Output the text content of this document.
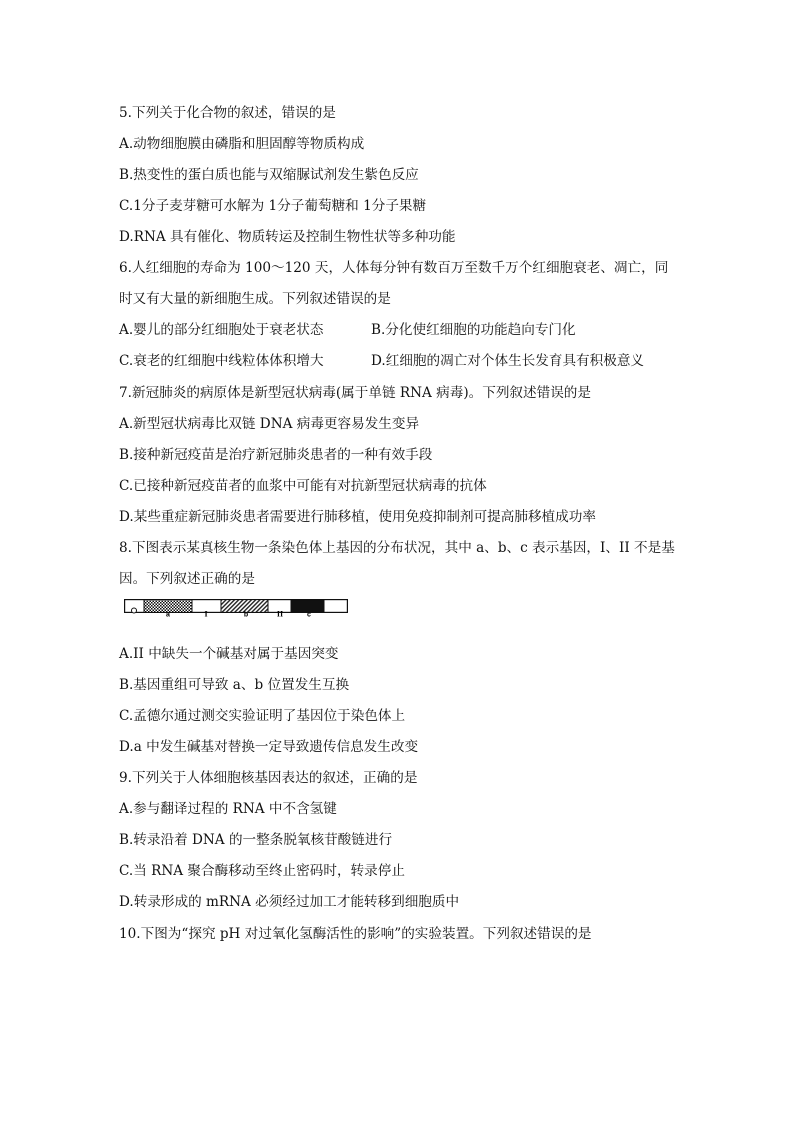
5.下列关于化合物的叙述，错误的是
A.动物细胞膜由磷脂和胆固醇等物质构成
B.热变性的蛋白质也能与双缩脲试剂发生紫色反应
C.1分子麦芽糖可水解为 1分子葡萄糖和 1分子果糖
D.RNA 具有催化、物质转运及控制生物性状等多种功能
6.人红细胞的寿命为 100～120 天，人体每分钟有数百万至数千万个红细胞衰老、凋亡，同
时又有大量的新细胞生成。下列叙述错误的是
A.婴儿的部分红细胞处于衰老状态	B.分化使红细胞的功能趋向专门化
C.衰老的红细胞中线粒体体积增大	D.红细胞的凋亡对个体生长发育具有积极意义
7.新冠肺炎的病原体是新型冠状病毒(属于单链 RNA 病毒)。下列叙述错误的是
A.新型冠状病毒比双链 DNA 病毒更容易发生变异
B.接种新冠疫苗是治疗新冠肺炎患者的一种有效手段
C.已接种新冠疫苗者的血浆中可能有对抗新型冠状病毒的抗体
D.某些重症新冠肺炎患者需要进行肺移植，使用免疫抑制剂可提高肺移植成功率
8.下图表示某真核生物一条染色体上基因的分布状况，其中 a、b、c 表示基因，I、II 不是基
因。下列叙述正确的是
a	I	b	II	c
A.II 中缺失一个碱基对属于基因突变
B.基因重组可导致 a、b 位置发生互换
C.孟德尔通过测交实验证明了基因位于染色体上
D.a 中发生碱基对替换一定导致遗传信息发生改变
9.下列关于人体细胞核基因表达的叙述，正确的是
A.参与翻译过程的 RNA 中不含氢键
B.转录沿着 DNA 的一整条脱氧核苷酸链进行
C.当 RNA 聚合酶移动至终止密码时，转录停止
D.转录形成的 mRNA 必须经过加工才能转移到细胞质中
10.下图为“探究 pH 对过氧化氢酶活性的影响”的实验装置。下列叙述错误的是
